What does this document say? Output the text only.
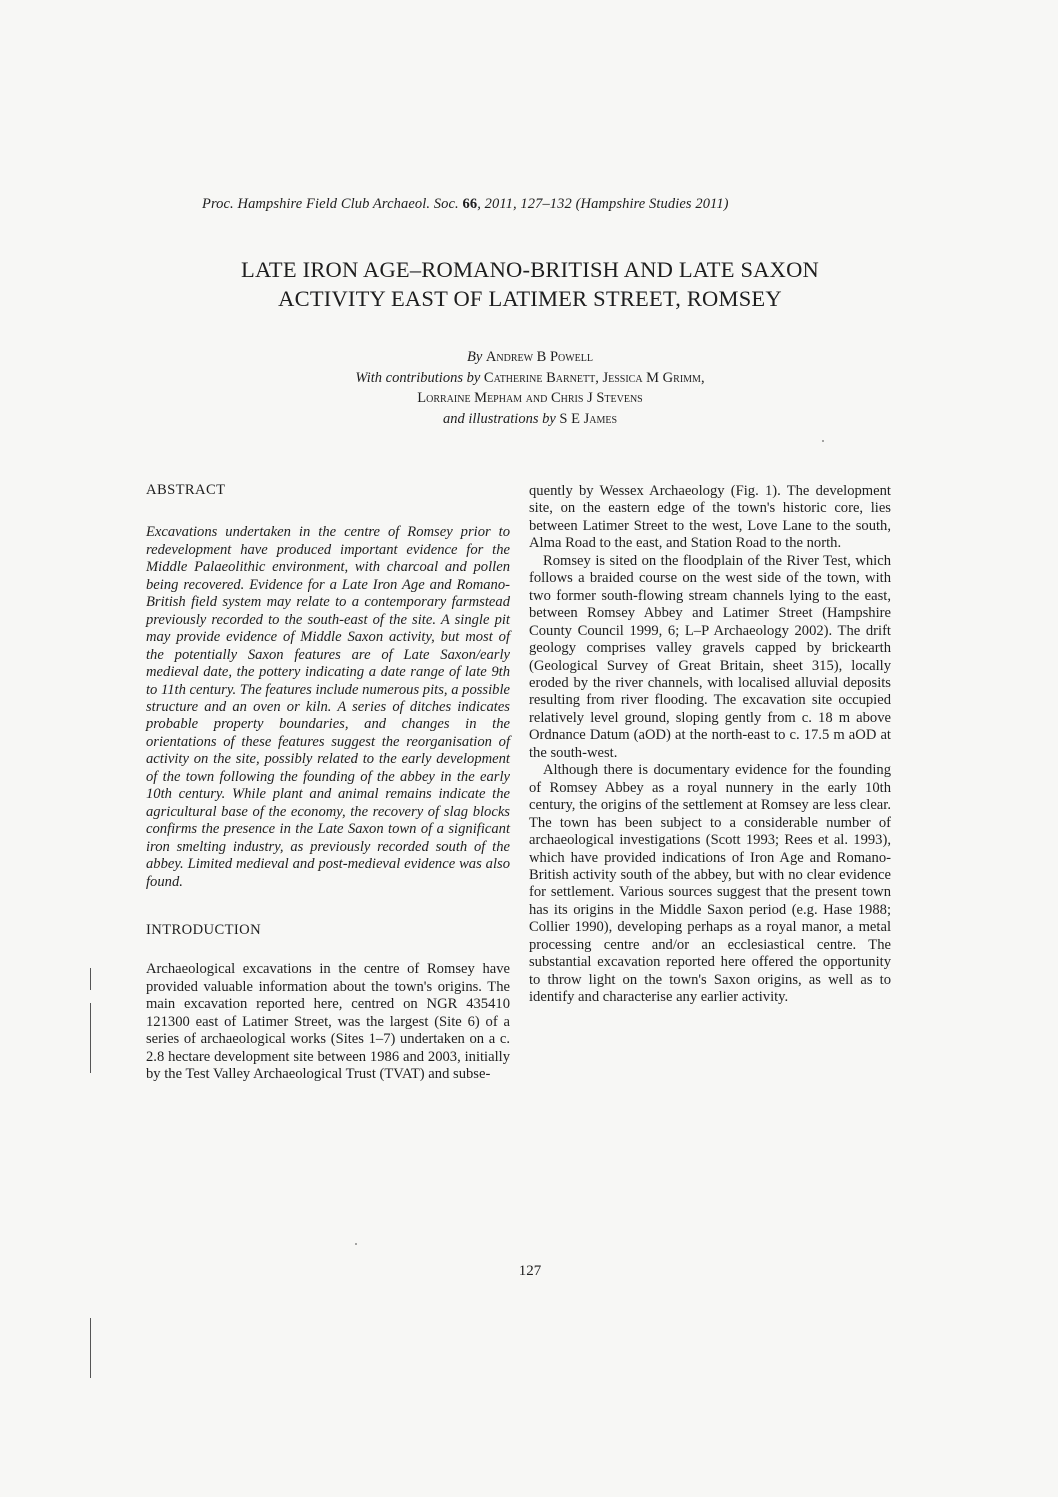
Proc. Hampshire Field Club Archaeol. Soc. 66, 2011, 127–132 (Hampshire Studies 2011)
LATE IRON AGE–ROMANO-BRITISH AND LATE SAXON
ACTIVITY EAST OF LATIMER STREET, ROMSEY
By Andrew B Powell
With contributions by Catherine Barnett, Jessica M Grimm,
Lorraine Mepham and Chris J Stevens
and illustrations by S E James
ABSTRACT

Excavations undertaken in the centre of Romsey prior to redevelopment have produced important evidence for the Middle Palaeolithic environment, with charcoal and pollen being recovered. Evidence for a Late Iron Age and Romano-British field system may relate to a contemporary farmstead previously recorded to the south-east of the site. A single pit may provide evidence of Middle Saxon activity, but most of the potentially Saxon features are of Late Saxon/early medieval date, the pottery indicating a date range of late 9th to 11th century. The features include numerous pits, a possible structure and an oven or kiln. A series of ditches indicates probable property boundaries, and changes in the orientations of these features suggest the reorganisation of activity on the site, possibly related to the early development of the town following the founding of the abbey in the early 10th century. While plant and animal remains indicate the agricultural base of the economy, the recovery of slag blocks confirms the presence in the Late Saxon town of a significant iron smelting industry, as previously recorded south of the abbey. Limited medieval and post-medieval evidence was also found.

INTRODUCTION

Archaeological excavations in the centre of Romsey have provided valuable information about the town's origins. The main excavation reported here, centred on NGR 435410 121300 east of Latimer Street, was the largest (Site 6) of a series of archaeological works (Sites 1–7) undertaken on a c. 2.8 hectare development site between 1986 and 2003, initially by the Test Valley Archaeological Trust (TVAT) and subse-

quently by Wessex Archaeology (Fig. 1). The development site, on the eastern edge of the town's historic core, lies between Latimer Street to the west, Love Lane to the south, Alma Road to the east, and Station Road to the north.

Romsey is sited on the floodplain of the River Test, which follows a braided course on the west side of the town, with two former south-flowing stream channels lying to the east, between Romsey Abbey and Latimer Street (Hampshire County Council 1999, 6; L–P Archaeology 2002). The drift geology comprises valley gravels capped by brickearth (Geological Survey of Great Britain, sheet 315), locally eroded by the river channels, with localised alluvial deposits resulting from river flooding. The excavation site occupied relatively level ground, sloping gently from c. 18 m above Ordnance Datum (aOD) at the north-east to c. 17.5 m aOD at the south-west.

Although there is documentary evidence for the founding of Romsey Abbey as a royal nunnery in the early 10th century, the origins of the settlement at Romsey are less clear. The town has been subject to a considerable number of archaeological investigations (Scott 1993; Rees et al. 1993), which have provided indications of Iron Age and Romano-British activity south of the abbey, but with no clear evidence for settlement. Various sources suggest that the present town has its origins in the Middle Saxon period (e.g. Hase 1988; Collier 1990), developing perhaps as a royal manor, a metal processing centre and/or an ecclesiastical centre. The substantial excavation reported here offered the opportunity to throw light on the town's Saxon origins, as well as to identify and characterise any earlier activity.

127
